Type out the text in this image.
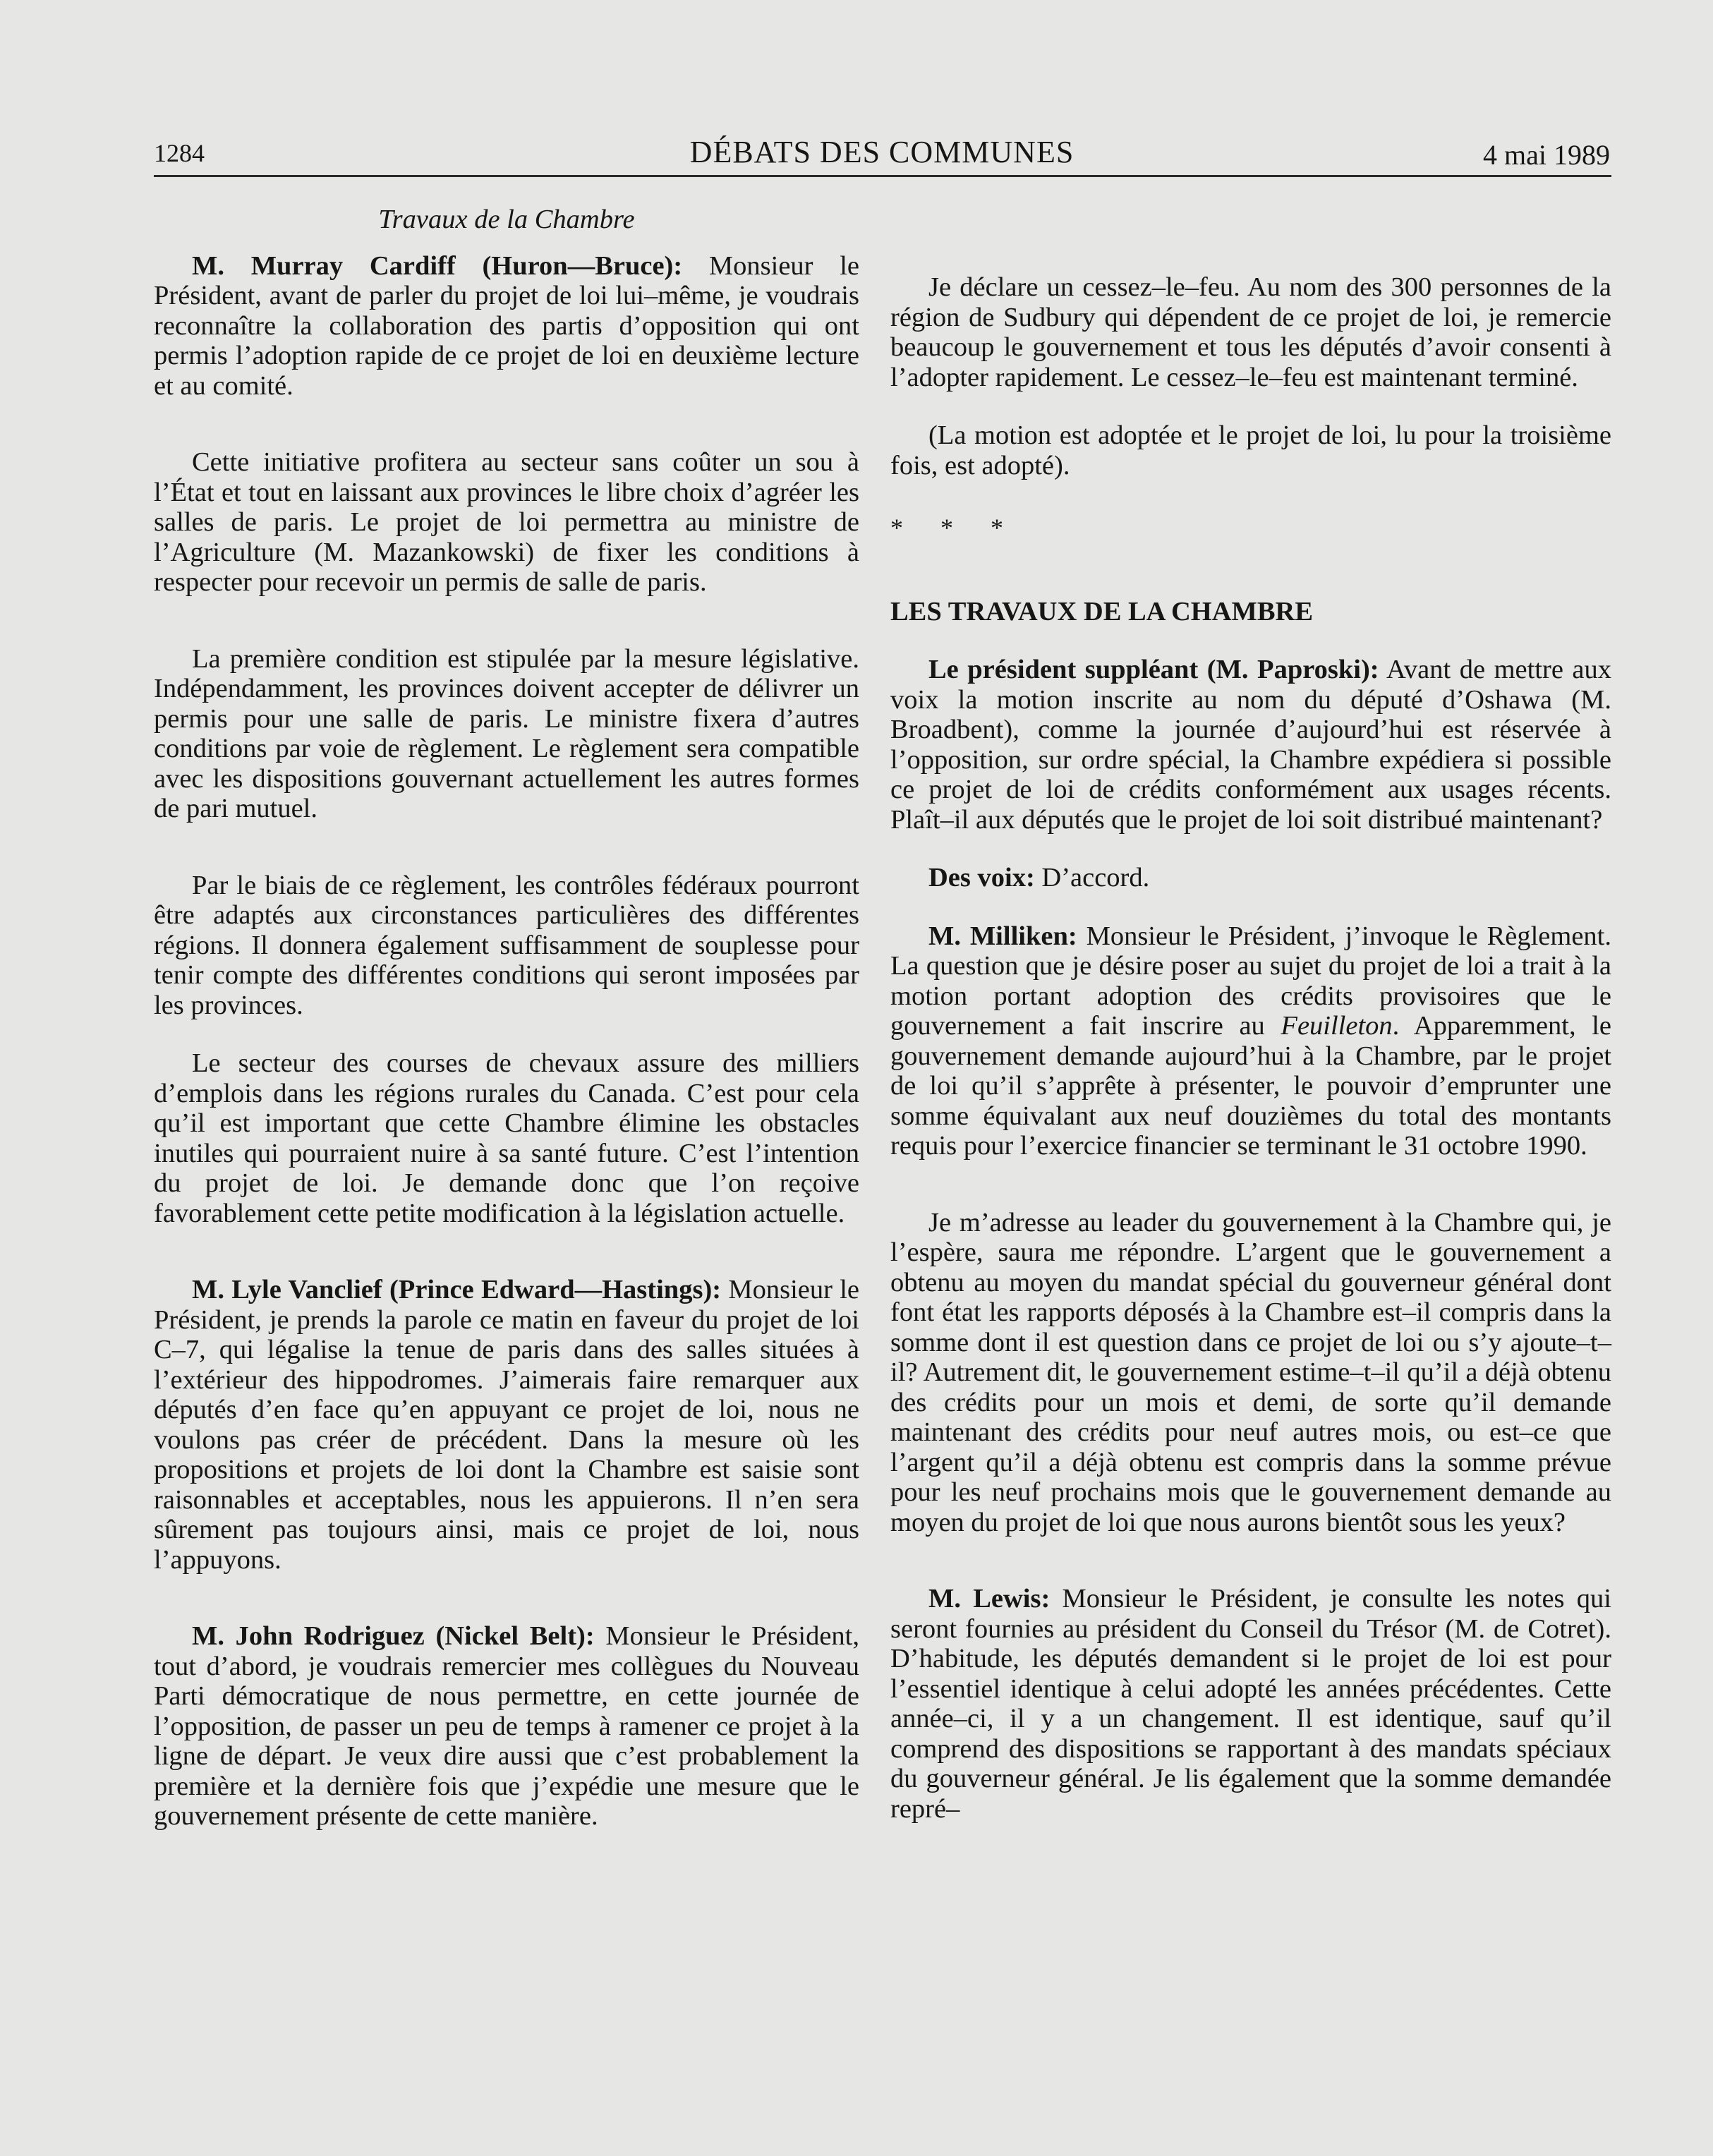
1284	DÉBATS DES COMMUNES	4 mai 1989

Travaux de la Chambre

M. Murray Cardiff (Huron—Bruce): Monsieur le Président, avant de parler du projet de loi lui–même, je voudrais reconnaître la collaboration des partis d’opposition qui ont permis l’adoption rapide de ce projet de loi en deuxième lecture et au comité.

Cette initiative profitera au secteur sans coûter un sou à l’État et tout en laissant aux provinces le libre choix d’agréer les salles de paris. Le projet de loi permettra au ministre de l’Agriculture (M. Mazankowski) de fixer les conditions à respecter pour recevoir un permis de salle de paris.

La première condition est stipulée par la mesure législative. Indépendamment, les provinces doivent accepter de délivrer un permis pour une salle de paris. Le ministre fixera d’autres conditions par voie de règlement. Le règlement sera compatible avec les dispositions gouvernant actuellement les autres formes de pari mutuel.

Par le biais de ce règlement, les contrôles fédéraux pourront être adaptés aux circonstances particulières des différentes régions. Il donnera également suffisamment de souplesse pour tenir compte des différentes conditions qui seront imposées par les provinces.

Le secteur des courses de chevaux assure des milliers d’emplois dans les régions rurales du Canada. C’est pour cela qu’il est important que cette Chambre élimine les obstacles inutiles qui pourraient nuire à sa santé future. C’est l’intention du projet de loi. Je demande donc que l’on reçoive favorablement cette petite modification à la législation actuelle.

M. Lyle Vanclief (Prince Edward—Hastings): Monsieur le Président, je prends la parole ce matin en faveur du projet de loi C–7, qui légalise la tenue de paris dans des salles situées à l’extérieur des hippodromes. J’aimerais faire remarquer aux députés d’en face qu’en appuyant ce projet de loi, nous ne voulons pas créer de précédent. Dans la mesure où les propositions et projets de loi dont la Chambre est saisie sont raisonnables et acceptables, nous les appuierons. Il n’en sera sûrement pas toujours ainsi, mais ce projet de loi, nous l’appuyons.

M. John Rodriguez (Nickel Belt): Monsieur le Président, tout d’abord, je voudrais remercier mes collègues du Nouveau Parti démocratique de nous permettre, en cette journée de l’opposition, de passer un peu de temps à ramener ce projet à la ligne de départ. Je veux dire aussi que c’est probablement la première et la dernière fois que j’expédie une mesure que le gouvernement présente de cette manière.

Je déclare un cessez–le–feu. Au nom des 300 personnes de la région de Sudbury qui dépendent de ce projet de loi, je remercie beaucoup le gouvernement et tous les députés d’avoir consenti à l’adopter rapidement. Le cessez–le–feu est maintenant terminé.

(La motion est adoptée et le projet de loi, lu pour la troisième fois, est adopté).

* * *

LES TRAVAUX DE LA CHAMBRE

Le président suppléant (M. Paproski): Avant de mettre aux voix la motion inscrite au nom du député d’Oshawa (M. Broadbent), comme la journée d’aujourd’hui est réservée à l’opposition, sur ordre spécial, la Chambre expédiera si possible ce projet de loi de crédits conformément aux usages récents. Plaît–il aux députés que le projet de loi soit distribué maintenant?

Des voix: D’accord.

M. Milliken: Monsieur le Président, j’invoque le Règlement. La question que je désire poser au sujet du projet de loi a trait à la motion portant adoption des crédits provisoires que le gouvernement a fait inscrire au Feuilleton. Apparemment, le gouvernement demande aujourd’hui à la Chambre, par le projet de loi qu’il s’apprête à présenter, le pouvoir d’emprunter une somme équivalant aux neuf douzièmes du total des montants requis pour l’exercice financier se terminant le 31 octobre 1990.

Je m’adresse au leader du gouvernement à la Chambre qui, je l’espère, saura me répondre. L’argent que le gouvernement a obtenu au moyen du mandat spécial du gouverneur général dont font état les rapports déposés à la Chambre est–il compris dans la somme dont il est question dans ce projet de loi ou s’y ajoute–t–il? Autrement dit, le gouvernement estime–t–il qu’il a déjà obtenu des crédits pour un mois et demi, de sorte qu’il demande maintenant des crédits pour neuf autres mois, ou est–ce que l’argent qu’il a déjà obtenu est compris dans la somme prévue pour les neuf prochains mois que le gouvernement demande au moyen du projet de loi que nous aurons bientôt sous les yeux?

M. Lewis: Monsieur le Président, je consulte les notes qui seront fournies au président du Conseil du Trésor (M. de Cotret). D’habitude, les députés demandent si le projet de loi est pour l’essentiel identique à celui adopté les années précédentes. Cette année–ci, il y a un changement. Il est identique, sauf qu’il comprend des dispositions se rapportant à des mandats spéciaux du gouverneur général. Je lis également que la somme demandée repré–
